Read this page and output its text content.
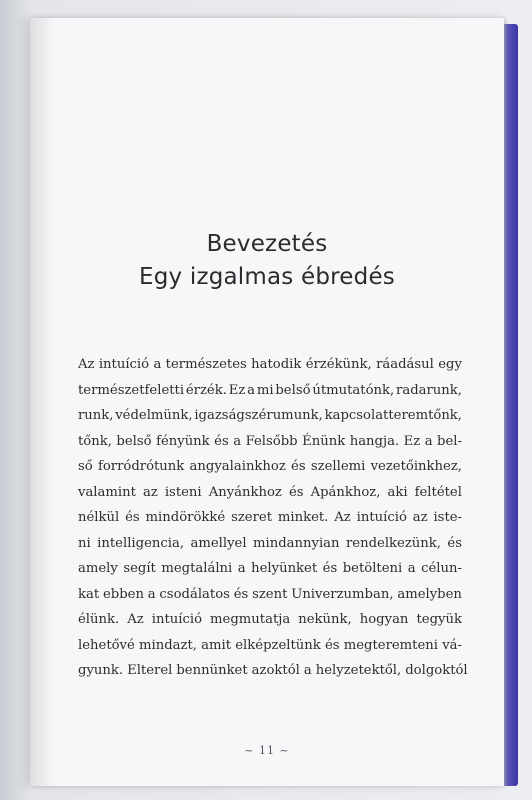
Bevezetés
Egy izgalmas ébredés
Az intuíció a természetes hatodik érzékünk, ráadásul egy
természetfeletti érzék. Ez a mi belső útmutatónk, radarunk,
runk, védelmünk, igazságszérumunk, kapcsolatteremtőnk,
tőnk, belső fényünk és a Felsőbb Énünk hangja. Ez a bel-
ső forródrótunk angyalainkhoz és szellemi vezetőinkhez,
valamint az isteni Anyánkhoz és Apánkhoz, aki feltétel
nélkül és mindörökké szeret minket. Az intuíció az iste-
ni intelligencia, amellyel mindannyian rendelkezünk, és
amely segít megtalálni a helyünket és betölteni a célun-
kat ebben a csodálatos és szent Univerzumban, amelyben
élünk. Az intuíció megmutatja nekünk, hogyan tegyük
lehetővé mindazt, amit elképzeltünk és megteremteni vá-
gyunk. Elterel bennünket azoktól a helyzetektől, dolgoktól
~ 11 ~
